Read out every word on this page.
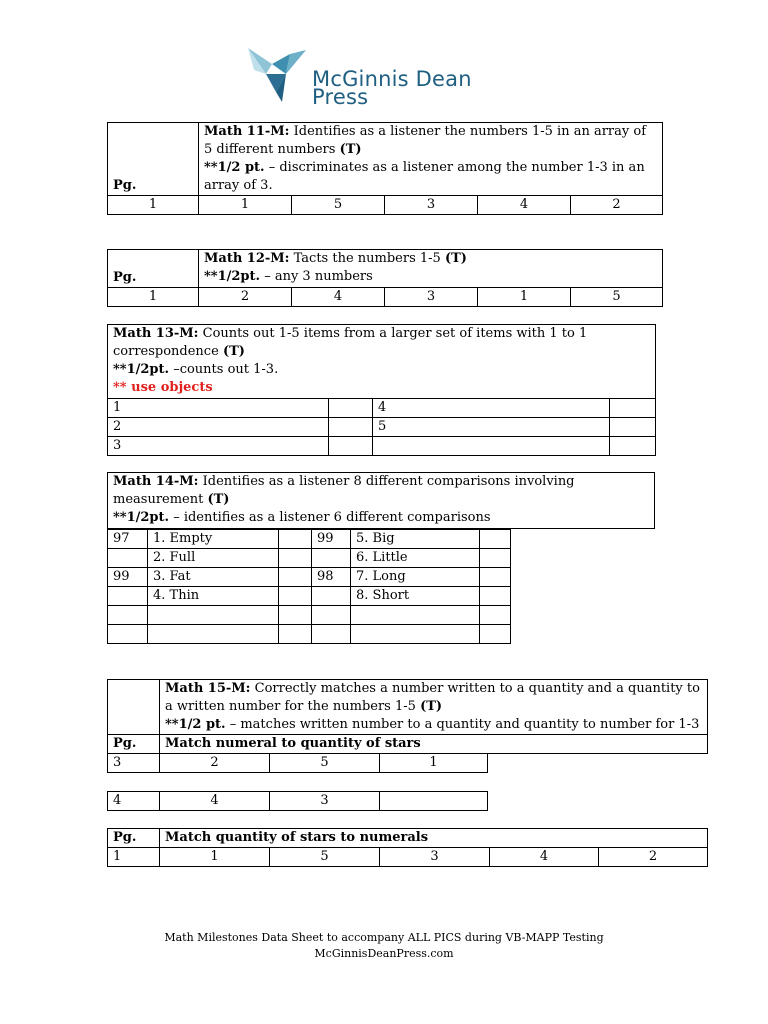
McGinnis Dean Press
Pg.	Math 11-M: Identifies as a listener the numbers 1-5 in an array of 5 different numbers (T)
**1/2 pt. – discriminates as a listener among the number 1-3 in an array of 3.				
1	1	5	3	4	2
Pg.	Math 12-M: Tacts the numbers 1-5 (T)
**1/2pt. – any 3 numbers				
1	2	4	3	1	5
Math 13-M: Counts out 1-5 items from a larger set of items with 1 to 1 correspondence (T)
**1/2pt. –counts out 1-3.
** use objects			
1		4	
2		5	
3			
Math 14-M: Identifies as a listener 8 different comparisons involving measurement (T)
**1/2pt. – identifies as a listener 6 different comparisons
97	1. Empty		99	5. Big	
	2. Full			6. Little	
99	3. Fat		98	7. Long	
	4. Thin			8. Short	

	Math 15-M: Correctly matches a number written to a quantity and a quantity to a written number for the numbers 1-5 (T)
**1/2 pt. – matches written number to a quantity and quantity to number for 1-3
Pg.	Match numeral to quantity of stars
3	2	5	1
4	4	3	
Pg.	Match quantity of stars to numerals				
1	1	5	3	4	2
Math Milestones Data Sheet to accompany ALL PICS during VB-MAPP Testing
McGinnisDeanPress.com
